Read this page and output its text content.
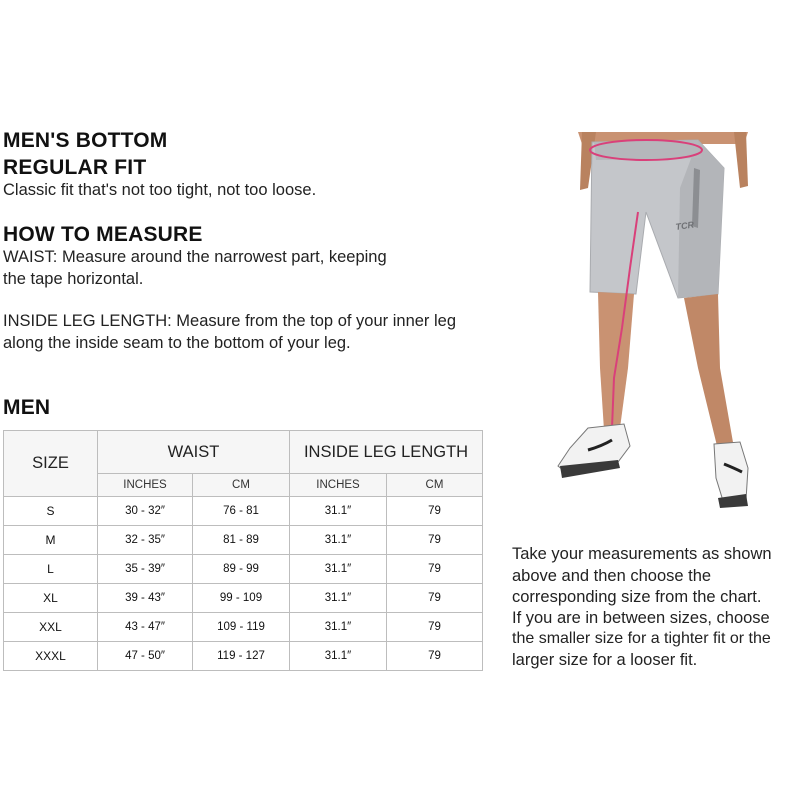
MEN'S BOTTOM
REGULAR FIT
Classic fit that's not too tight, not too loose.
HOW TO MEASURE
WAIST: Measure around the narrowest part, keeping
the tape horizontal.
INSIDE LEG LENGTH: Measure from the top of your inner leg
along the inside seam to the bottom of your leg.
MEN
SIZE	WAIST		INSIDE LEG LENGTH	
	INCHES	CM	INCHES	CM
S	30 - 32″	76 - 81	31.1″	79
M	32 - 35″	81 - 89	31.1″	79
L	35 - 39″	89 - 99	31.1″	79
XL	39 - 43″	99 - 109	31.1″	79
XXL	43 - 47″	109 - 119	31.1″	79
XXXL	47 - 50″	119 - 127	31.1″	79
TCR
Take your measurements as shown
above and then choose the
corresponding size from the chart.
If you are in between sizes, choose
the smaller size for a tighter fit or the
larger size for a looser fit.
